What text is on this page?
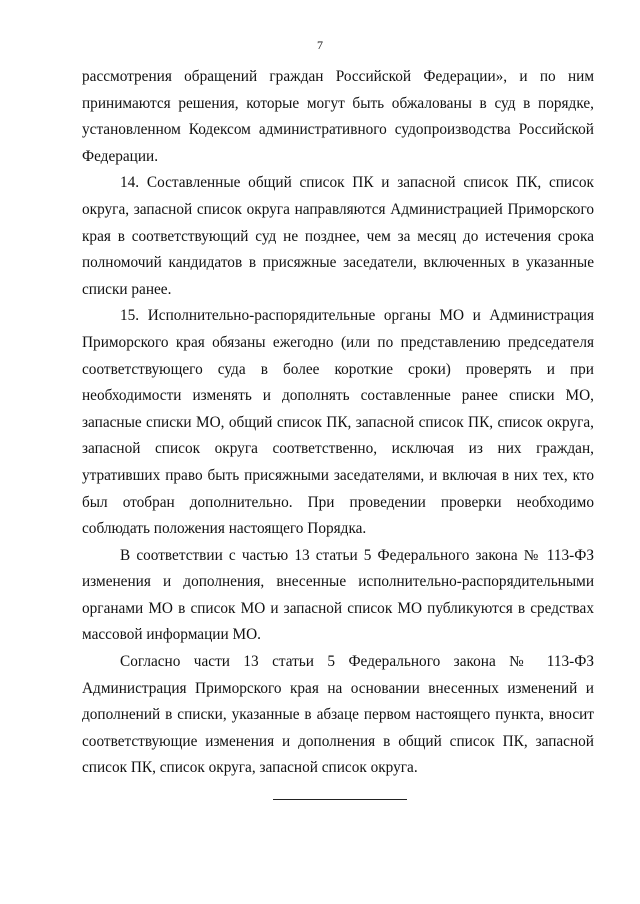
7

рассмотрения обращений граждан Российской Федерации», и по ним принимаются решения, которые могут быть обжалованы в суд в порядке, установленном Кодексом административного судопроизводства Российской Федерации.

14. Составленные общий список ПК и запасной список ПК, список округа, запасной список округа направляются Администрацией Приморского края в соответствующий суд не позднее, чем за месяц до истечения срока полномочий кандидатов в присяжные заседатели, включенных в указанные списки ранее.

15. Исполнительно-распорядительные органы МО и Администрация Приморского края обязаны ежегодно (или по представлению председателя соответствующего суда в более короткие сроки) проверять и при необходимости изменять и дополнять составленные ранее списки МО, запасные списки МО, общий список ПК, запасной список ПК, список округа, запасной список округа соответственно, исключая из них граждан, утративших право быть присяжными заседателями, и включая в них тех, кто был отобран дополнительно. При проведении проверки необходимо соблюдать положения настоящего Порядка.

В соответствии с частью 13 статьи 5 Федерального закона № 113-ФЗ изменения и дополнения, внесенные исполнительно-распорядительными органами МО в список МО и запасной список МО публикуются в средствах массовой информации МО.

Согласно части 13 статьи 5 Федерального закона № 113-ФЗ Администрация Приморского края на основании внесенных изменений и дополнений в списки, указанные в абзаце первом настоящего пункта, вносит соответствующие изменения и дополнения в общий список ПК, запасной список ПК, список округа, запасной список округа.
